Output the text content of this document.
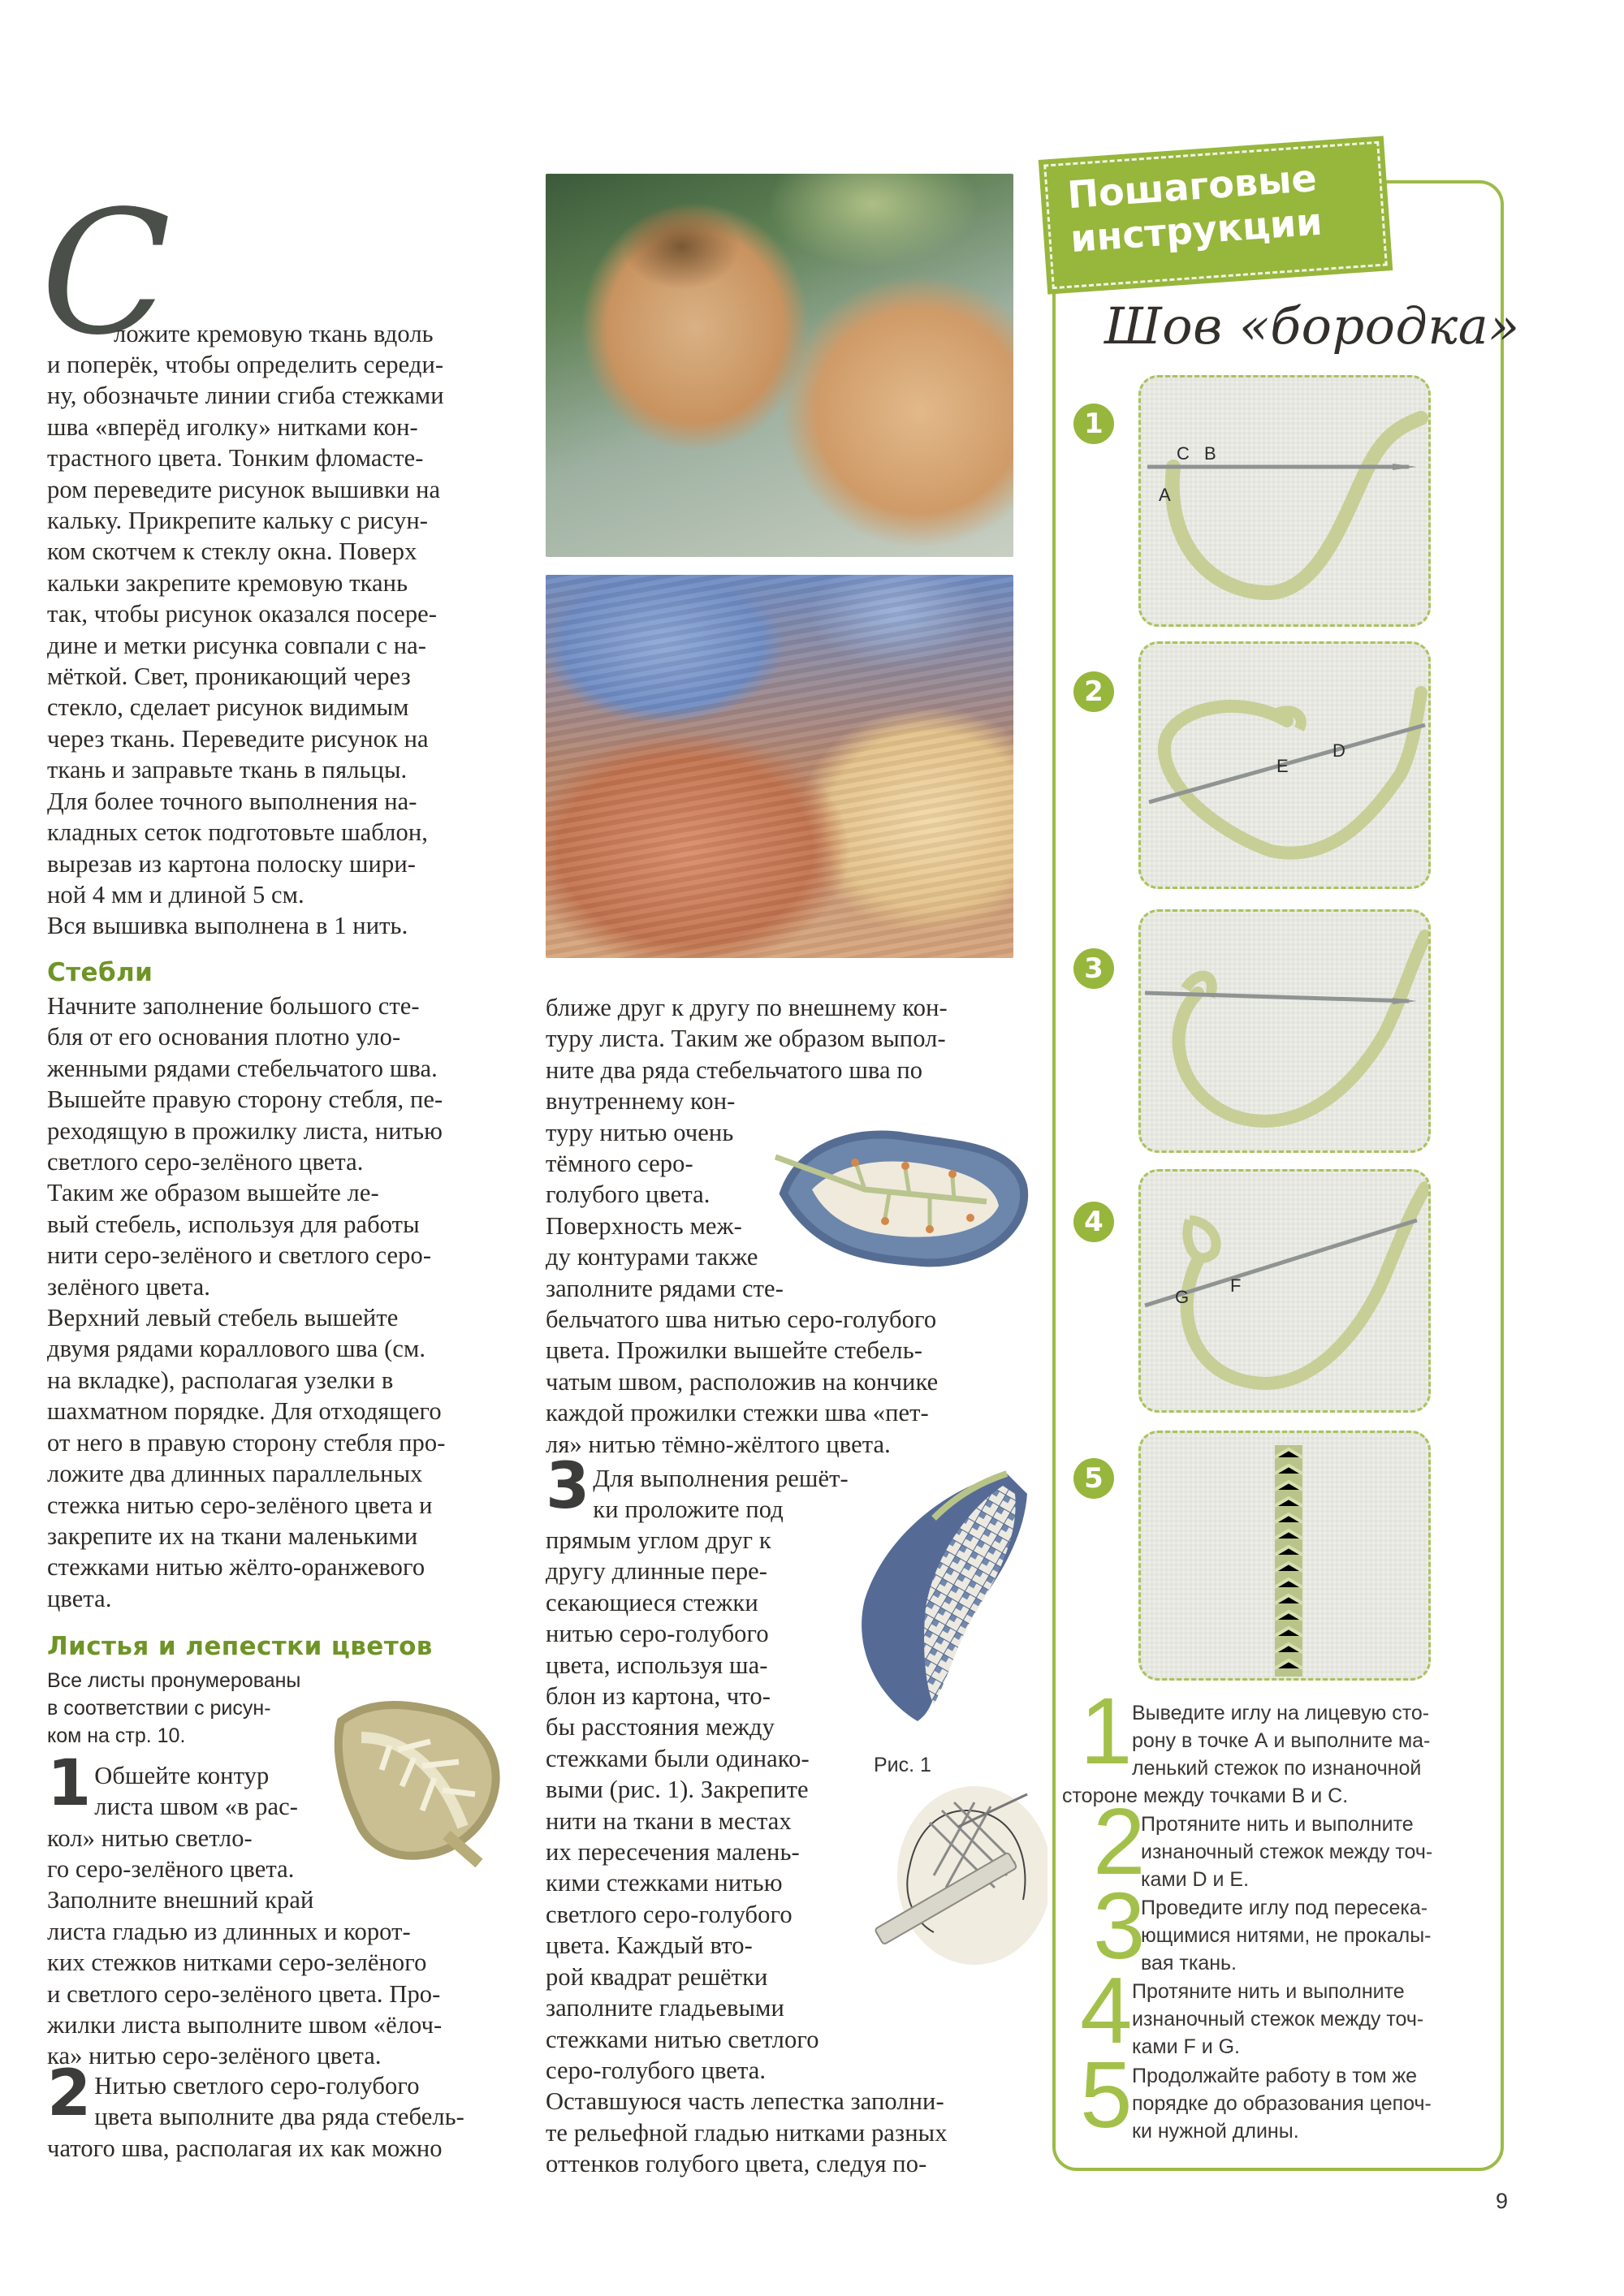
С
ложите кремовую ткань вдоль
и поперёк, чтобы определить середи-
ну, обозначьте линии сгиба стежками
шва «вперёд иголку» нитками кон-
трастного цвета. Тонким фломасте-
ром переведите рисунок вышивки на
кальку. Прикрепите кальку с рисун-
ком скотчем к стеклу окна. Поверх
кальки закрепите кремовую ткань
так, чтобы рисунок оказался посере-
дине и метки рисунка совпали с на-
мёткой. Свет, проникающий через
стекло, сделает рисунок видимым
через ткань. Переведите рисунок на
ткань и заправьте ткань в пяльцы.
Для более точного выполнения на-
кладных сеток подготовьте шаблон,
вырезав из картона полоску шири-
ной 4 мм и длиной 5 см.
Вся вышивка выполнена в 1 нить.
Стебли
Начните заполнение большого сте-
бля от его основания плотно уло-
женными рядами стебельчатого шва.
Вышейте правую сторону стебля, пе-
реходящую в прожилку листа, нитью
светлого серо-зелёного цвета.
Таким же образом вышейте ле-
вый стебель, используя для работы
нити серо-зелёного и светлого серо-
зелёного цвета.
Верхний левый стебель вышейте
двумя рядами кораллового шва (см.
на вкладке), располагая узелки в
шахматном порядке. Для отходящего
от него в правую сторону стебля про-
ложите два длинных параллельных
стежка нитью серо-зелёного цвета и
закрепите их на ткани маленькими
стежками нитью жёлто-оранжевого
цвета.
Листья и лепестки цветов
Все листы пронумерованы
в соответствии с рисун-
ком на стр. 10.
1 Обшейте контур
листа швом «в рас-
кол» нитью светло-
го серо-зелёного цвета.
Заполните внешний край
листа гладью из длинных и корот-
ких стежков нитками серо-зелёного
и светлого серо-зелёного цвета. Про-
жилки листа выполните швом «ёлоч-
ка» нитью серо-зелёного цвета.
2 Нитью светлого серо-голубого
цвета выполните два ряда стебель-
чатого шва, располагая их как можно
ближе друг к другу по внешнему кон-
туру листа. Таким же образом выпол-
ните два ряда стебельчатого шва по
внутреннему кон-
туру нитью очень
тёмного серо-
голубого цвета.
Поверхность меж-
ду контурами также
заполните рядами сте-
бельчатого шва нитью серо-голубого
цвета. Прожилки вышейте стебель-
чатым швом, расположив на кончике
каждой прожилки стежки шва «пет-
ля» нитью тёмно-жёлтого цвета.
3 Для выполнения решёт-
ки проложите под
прямым углом друг к
другу длинные пере-
секающиеся стежки
нитью серо-голубого
цвета, используя ша-
блон из картона, что-
бы расстояния между
стежками были одинако-
выми (рис. 1). Закрепите
нити на ткани в местах
их пересечения малень-
кими стежками нитью
светлого серо-голубого
цвета. Каждый вто-
рой квадрат решётки
заполните гладьевыми
стежками нитью светлого
серо-голубого цвета.
Оставшуюся часть лепестка заполни-
те рельефной гладью нитками разных
оттенков голубого цвета, следуя по-
Рис. 1
Пошаговые инструкции
Шов «бородка»
1
C B
A
2
E
D
3
4
G
F
5
1 Выведите иглу на лицевую сто-
рону в точке А и выполните ма-
ленький стежок по изнаночной
стороне между точками В и С.
2
Протяните нить и выполните
изнаночный стежок между точ-
ками D и Е.
3
Проведите иглу под пересека-
ющимися нитями, не прокалы-
вая ткань.
4 Протяните нить и выполните
изнаночный стежок между точ-
ками F и G.
5 Продолжайте работу в том же
порядке до образования цепоч-
ки нужной длины.
9
